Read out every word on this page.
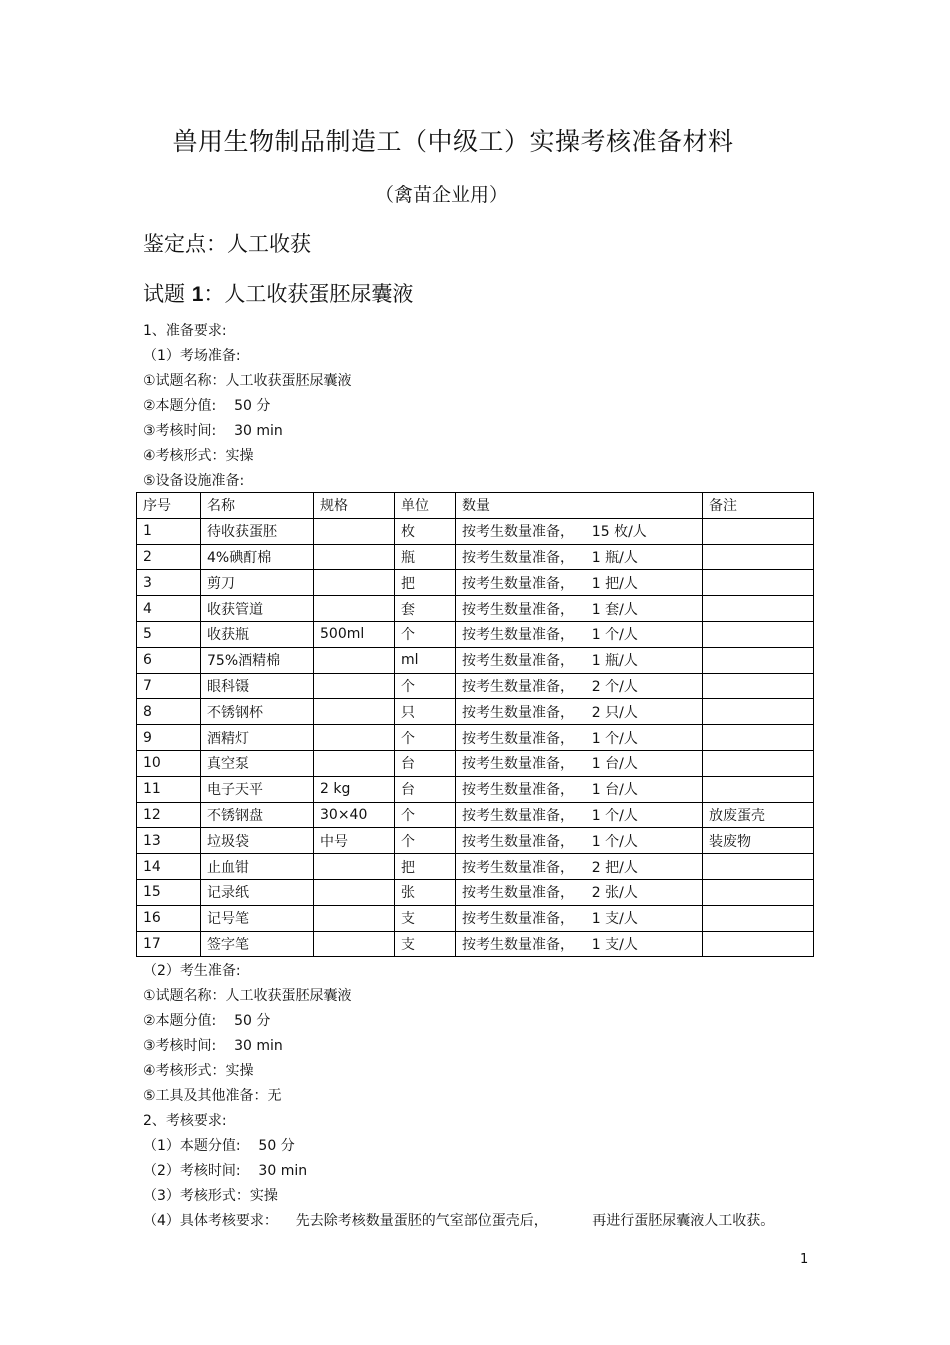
兽用生物制品制造工（中级工）实操考核准备材料
（禽苗企业用）
鉴定点：人工收获
试题 1：人工收获蛋胚尿囊液
1、准备要求:
（1）考场准备:
①试题名称：人工收获蛋胚尿囊液
②本题分值:    50 分
③考核时间:    30 min
④考核形式：实操
⑤设备设施准备:
序号	名称	规格	单位	数量	备注
1	待收获蛋胚		枚	按考生数量准备，    15 枚/人	
2	4%碘酊棉		瓶	按考生数量准备，    1 瓶/人	
3	剪刀		把	按考生数量准备，    1 把/人	
4	收获管道		套	按考生数量准备，    1 套/人	
5	收获瓶	500ml	个	按考生数量准备，    1 个/人	
6	75%酒精棉		ml	按考生数量准备，    1 瓶/人	
7	眼科镊		个	按考生数量准备，    2 个/人	
8	不锈钢杯		只	按考生数量准备，    2 只/人	
9	酒精灯		个	按考生数量准备，    1 个/人	
10	真空泵		台	按考生数量准备，    1 台/人	
11	电子天平	2 kg	台	按考生数量准备，    1 台/人	
12	不锈钢盘	30×40	个	按考生数量准备，    1 个/人	放废蛋壳
13	垃圾袋	中号	个	按考生数量准备，    1 个/人	装废物
14	止血钳		把	按考生数量准备，    2 把/人	
15	记录纸		张	按考生数量准备，    2 张/人	
16	记号笔		支	按考生数量准备，    1 支/人	
17	签字笔		支	按考生数量准备，    1 支/人	
（2）考生准备:
①试题名称：人工收获蛋胚尿囊液
②本题分值:    50 分
③考核时间:    30 min
④考核形式：实操
⑤工具及其他准备：无
2、考核要求:
（1）本题分值:    50 分
（2）考核时间:    30 min
（3）考核形式：实操
（4）具体考核要求：    先去除考核数量蛋胚的气室部位蛋壳后，          再进行蛋胚尿囊液人工收获。
1
